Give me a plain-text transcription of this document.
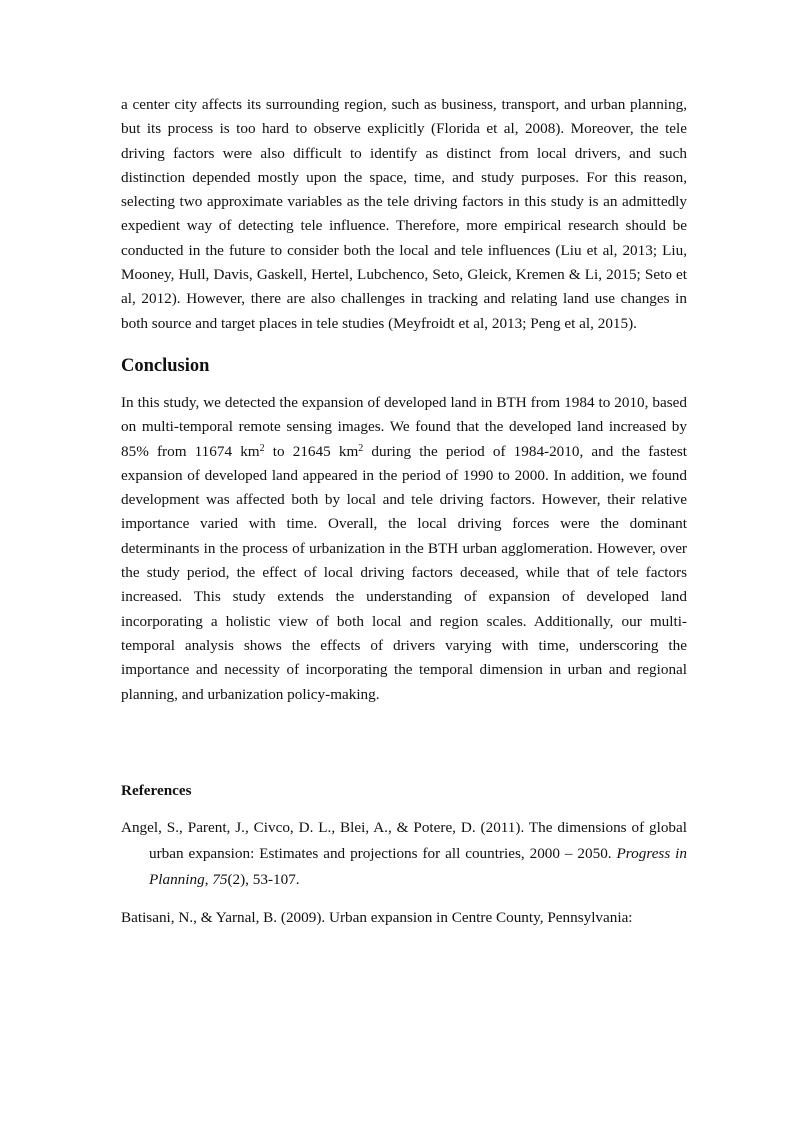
a center city affects its surrounding region, such as business, transport, and urban planning, but its process is too hard to observe explicitly (Florida et al, 2008). Moreover, the tele driving factors were also difficult to identify as distinct from local drivers, and such distinction depended mostly upon the space, time, and study purposes. For this reason, selecting two approximate variables as the tele driving factors in this study is an admittedly expedient way of detecting tele influence. Therefore, more empirical research should be conducted in the future to consider both the local and tele influences (Liu et al, 2013; Liu, Mooney, Hull, Davis, Gaskell, Hertel, Lubchenco, Seto, Gleick, Kremen & Li, 2015; Seto et al, 2012). However, there are also challenges in tracking and relating land use changes in both source and target places in tele studies (Meyfroidt et al, 2013; Peng et al, 2015).

Conclusion

In this study, we detected the expansion of developed land in BTH from 1984 to 2010, based on multi-temporal remote sensing images. We found that the developed land increased by 85% from 11674 $km^2$ to 21645 $km^2$ during the period of 1984-2010, and the fastest expansion of developed land appeared in the period of 1990 to 2000. In addition, we found development was affected both by local and tele driving factors. However, their relative importance varied with time. Overall, the local driving forces were the dominant determinants in the process of urbanization in the BTH urban agglomeration. However, over the study period, the effect of local driving factors deceased, while that of tele factors increased. This study extends the understanding of expansion of developed land incorporating a holistic view of both local and region scales. Additionally, our multi-temporal analysis shows the effects of drivers varying with time, underscoring the importance and necessity of incorporating the temporal dimension in urban and regional planning, and urbanization policy-making.

References

Angel, S., Parent, J., Civco, D. L., Blei, A., & Potere, D. (2011). The dimensions of global urban expansion: Estimates and projections for all countries, 2000 – 2050. Progress in Planning, 75(2), 53-107.

Batisani, N., & Yarnal, B. (2009). Urban expansion in Centre County, Pennsylvania:
